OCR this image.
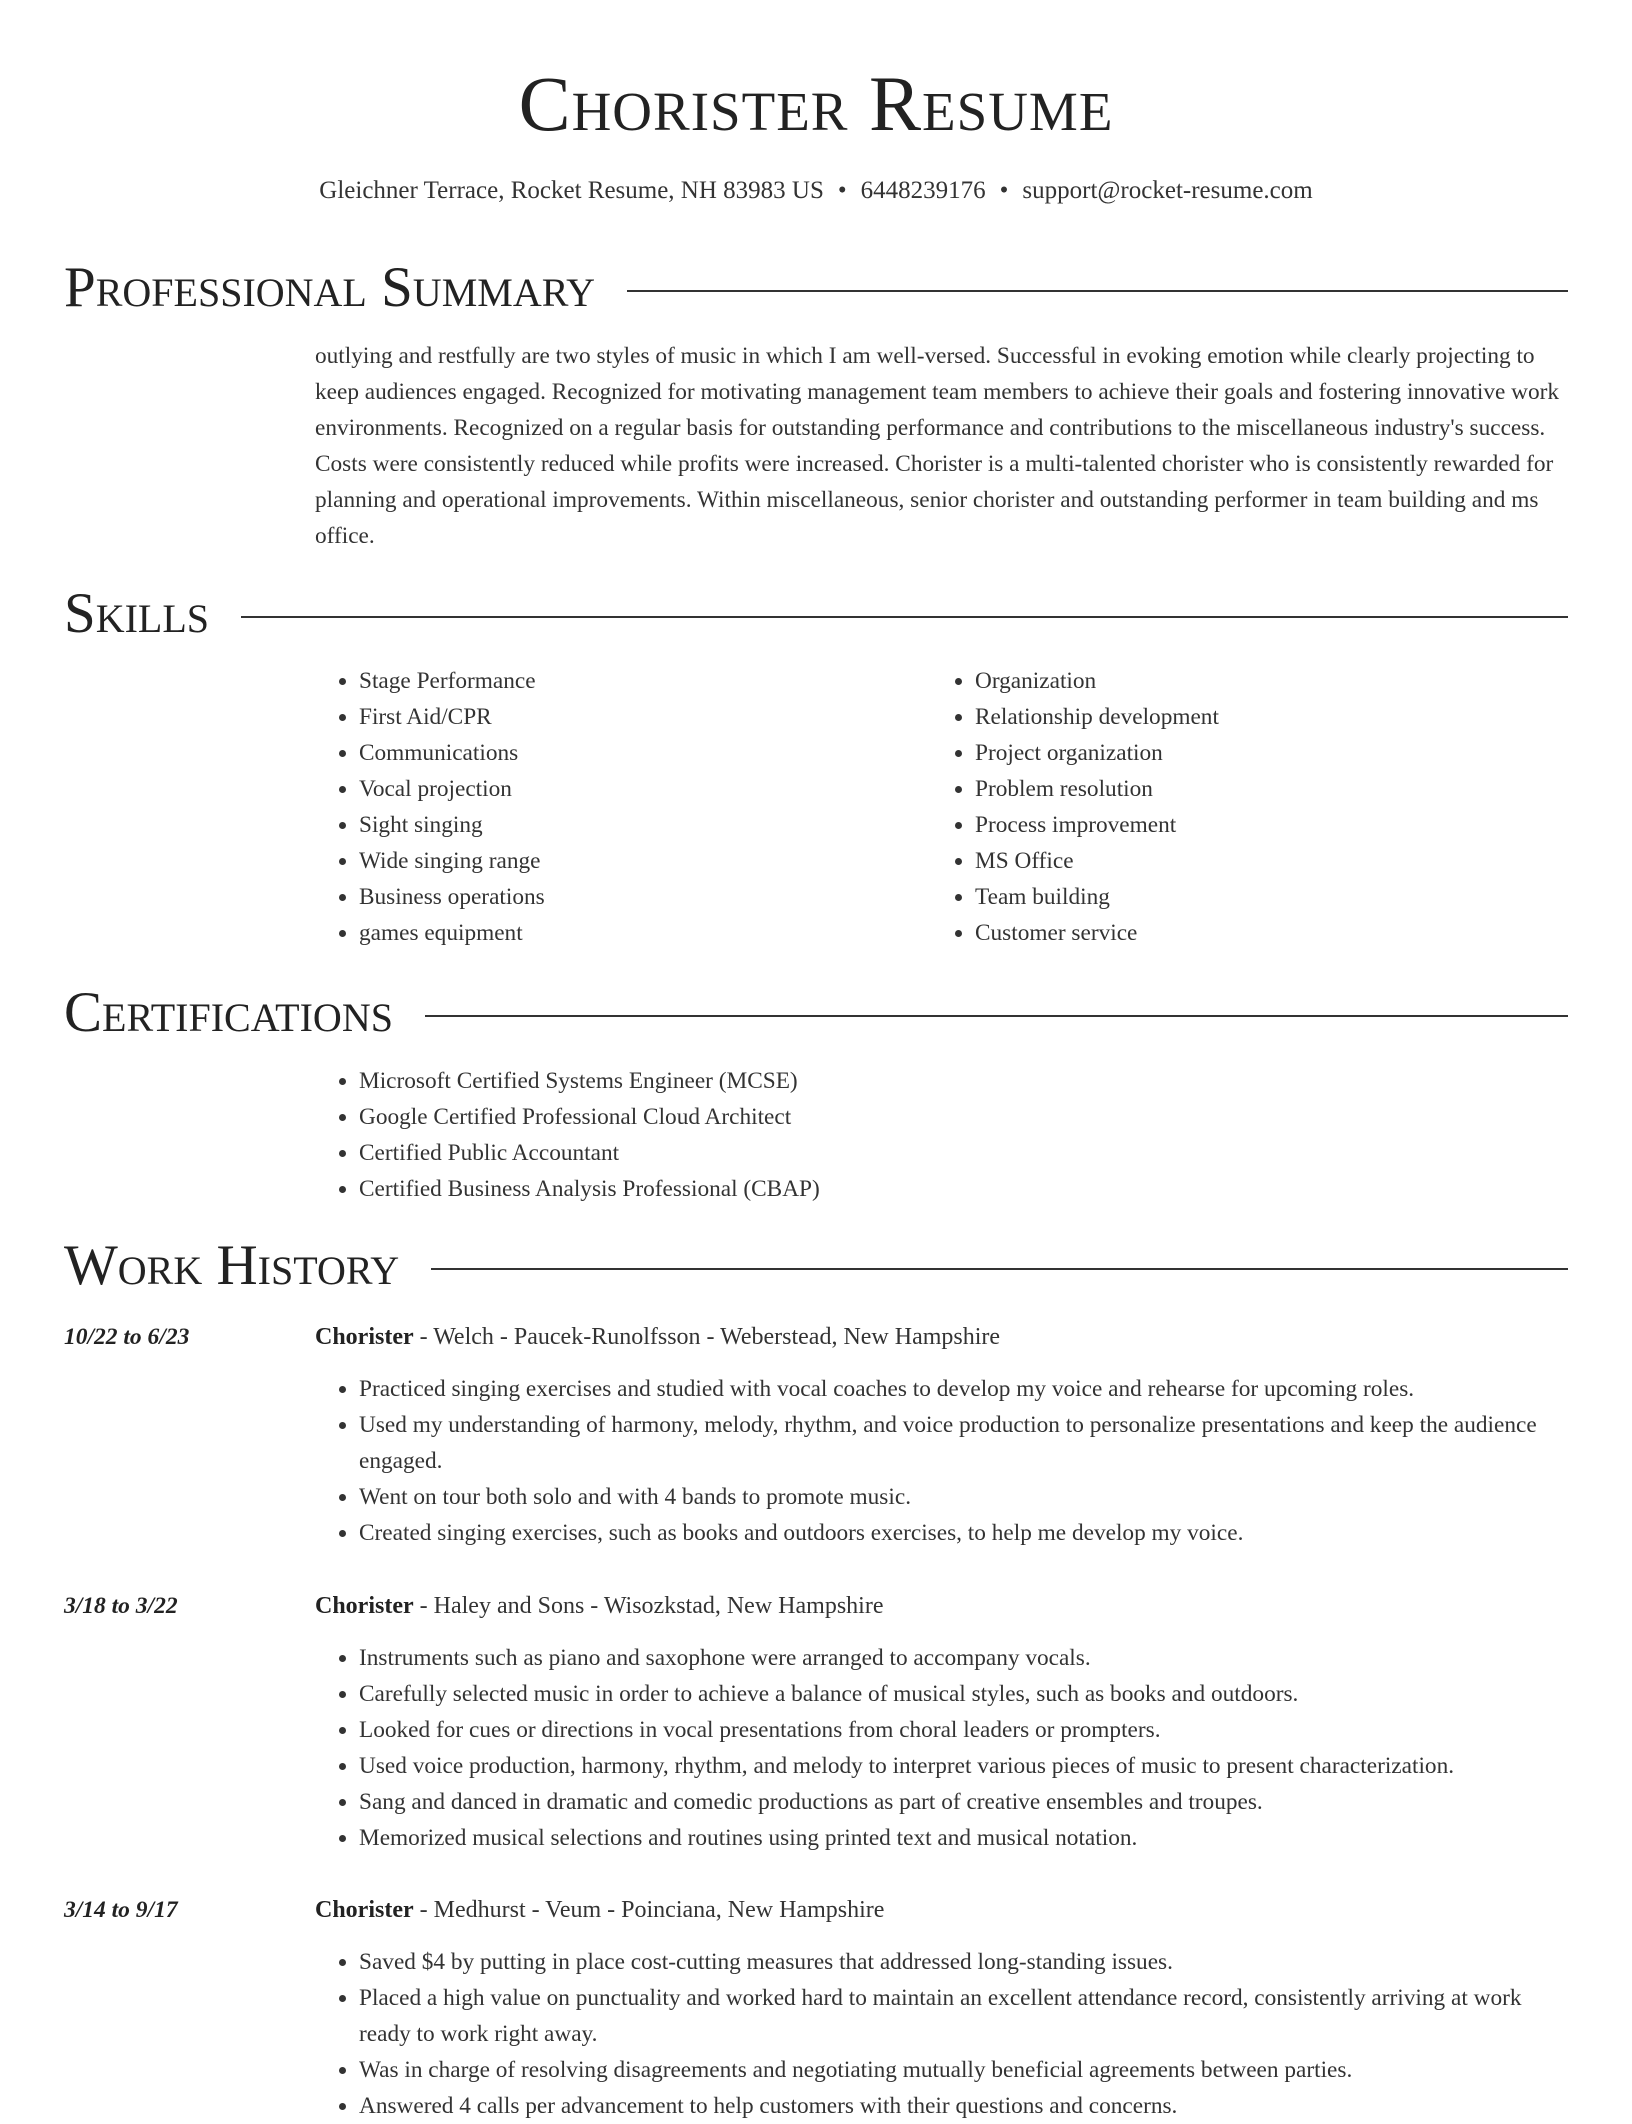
Chorister Resume
Gleichner Terrace, Rocket Resume, NH 83983 US • 6448239176 • support@rocket-resume.com
Professional Summary
outlying and restfully are two styles of music in which I am well-versed. Successful in evoking emotion while clearly projecting to keep audiences engaged. Recognized for motivating management team members to achieve their goals and fostering innovative work environments. Recognized on a regular basis for outstanding performance and contributions to the miscellaneous industry's success. Costs were consistently reduced while profits were increased. Chorister is a multi-talented chorister who is consistently rewarded for planning and operational improvements. Within miscellaneous, senior chorister and outstanding performer in team building and ms office.
Skills
• Stage Performance
• First Aid/CPR
• Communications
• Vocal projection
• Sight singing
• Wide singing range
• Business operations
• games equipment
• Organization
• Relationship development
• Project organization
• Problem resolution
• Process improvement
• MS Office
• Team building
• Customer service
Certifications
• Microsoft Certified Systems Engineer (MCSE)
• Google Certified Professional Cloud Architect
• Certified Public Accountant
• Certified Business Analysis Professional (CBAP)
Work History
10/22 to 6/23	Chorister - Welch - Paucek-Runolfsson - Weberstead, New Hampshire
• Practiced singing exercises and studied with vocal coaches to develop my voice and rehearse for upcoming roles.
• Used my understanding of harmony, melody, rhythm, and voice production to personalize presentations and keep the audience engaged.
• Went on tour both solo and with 4 bands to promote music.
• Created singing exercises, such as books and outdoors exercises, to help me develop my voice.
3/18 to 3/22	Chorister - Haley and Sons - Wisozkstad, New Hampshire
• Instruments such as piano and saxophone were arranged to accompany vocals.
• Carefully selected music in order to achieve a balance of musical styles, such as books and outdoors.
• Looked for cues or directions in vocal presentations from choral leaders or prompters.
• Used voice production, harmony, rhythm, and melody to interpret various pieces of music to present characterization.
• Sang and danced in dramatic and comedic productions as part of creative ensembles and troupes.
• Memorized musical selections and routines using printed text and musical notation.
3/14 to 9/17	Chorister - Medhurst - Veum - Poinciana, New Hampshire
• Saved $4 by putting in place cost-cutting measures that addressed long-standing issues.
• Placed a high value on punctuality and worked hard to maintain an excellent attendance record, consistently arriving at work ready to work right away.
• Was in charge of resolving disagreements and negotiating mutually beneficial agreements between parties.
• Answered 4 calls per advancement to help customers with their questions and concerns.
